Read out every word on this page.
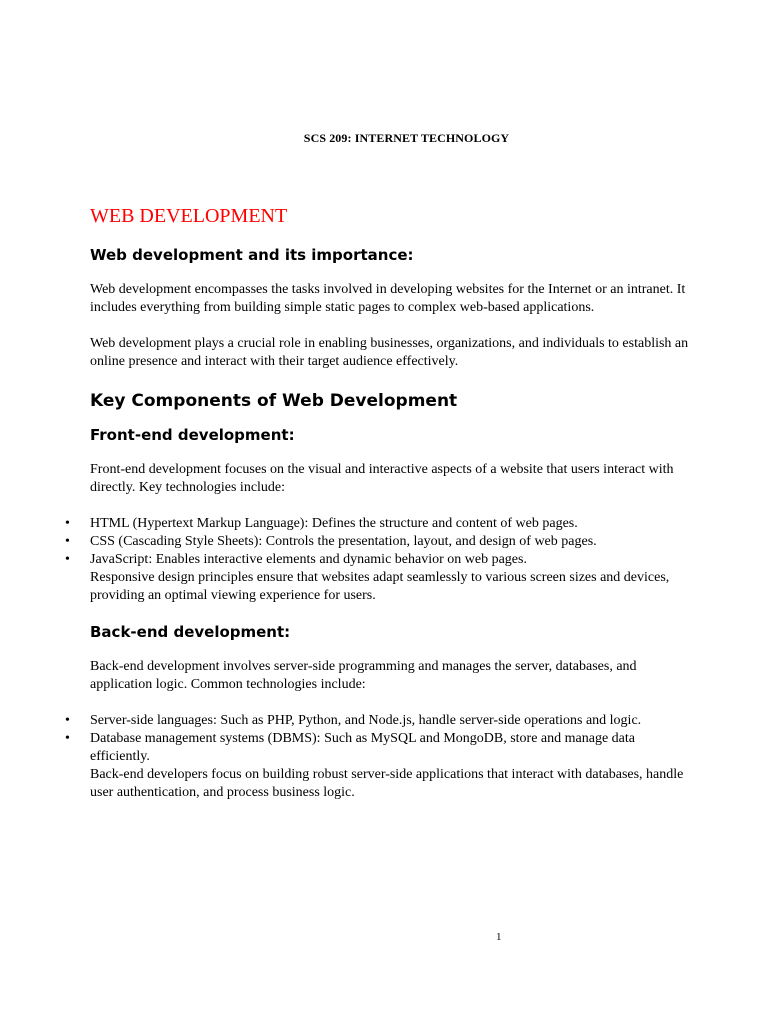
SCS 209: INTERNET TECHNOLOGY
WEB DEVELOPMENT
Web development and its importance:

Web development encompasses the tasks involved in developing websites for the Internet or an intranet. It includes everything from building simple static pages to complex web-based applications.

Web development plays a crucial role in enabling businesses, organizations, and individuals to establish an online presence and interact with their target audience effectively.

Key Components of Web Development
Front-end development:

Front-end development focuses on the visual and interactive aspects of a website that users interact with directly. Key technologies include:

• HTML (Hypertext Markup Language): Defines the structure and content of web pages.
• CSS (Cascading Style Sheets): Controls the presentation, layout, and design of web pages.
• JavaScript: Enables interactive elements and dynamic behavior on web pages.

Responsive design principles ensure that websites adapt seamlessly to various screen sizes and devices, providing an optimal viewing experience for users.

Back-end development:

Back-end development involves server-side programming and manages the server, databases, and application logic. Common technologies include:

• Server-side languages: Such as PHP, Python, and Node.js, handle server-side operations and logic.
• Database management systems (DBMS): Such as MySQL and MongoDB, store and manage data efficiently.

Back-end developers focus on building robust server-side applications that interact with databases, handle user authentication, and process business logic.

1
